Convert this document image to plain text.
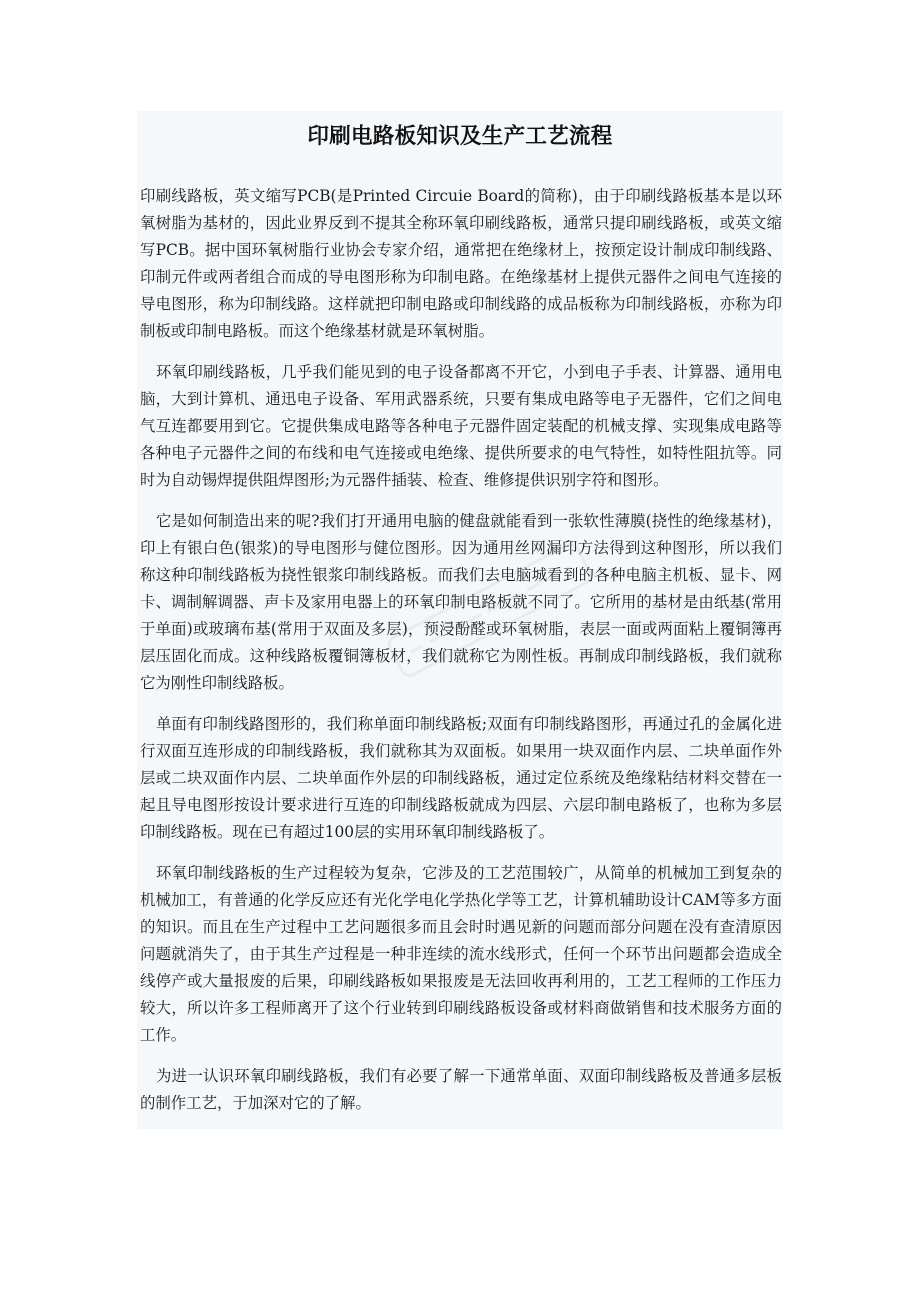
印刷电路板知识及生产工艺流程

印刷线路板，英文缩写PCB(是Printed Circuie Board的简称)，由于印刷线路板基本是以环氧树脂为基材的，因此业界反到不提其全称环氧印刷线路板，通常只提印刷线路板，或英文缩写PCB。据中国环氧树脂行业协会专家介绍，通常把在绝缘材上，按预定设计制成印制线路、印制元件或两者组合而成的导电图形称为印制电路。在绝缘基材上提供元器件之间电气连接的导电图形，称为印制线路。这样就把印制电路或印制线路的成品板称为印制线路板，亦称为印制板或印制电路板。而这个绝缘基材就是环氧树脂。

环氧印刷线路板，几乎我们能见到的电子设备都离不开它，小到电子手表、计算器、通用电脑，大到计算机、通迅电子设备、军用武器系统，只要有集成电路等电子无器件，它们之间电气互连都要用到它。它提供集成电路等各种电子元器件固定装配的机械支撑、实现集成电路等各种电子元器件之间的布线和电气连接或电绝缘、提供所要求的电气特性，如特性阻抗等。同时为自动锡焊提供阻焊图形;为元器件插装、检查、维修提供识别字符和图形。

它是如何制造出来的呢?我们打开通用电脑的健盘就能看到一张软性薄膜(挠性的绝缘基材)，印上有银白色(银浆)的导电图形与健位图形。因为通用丝网漏印方法得到这种图形，所以我们称这种印制线路板为挠性银浆印制线路板。而我们去电脑城看到的各种电脑主机板、显卡、网卡、调制解调器、声卡及家用电器上的环氧印制电路板就不同了。它所用的基材是由纸基(常用于单面)或玻璃布基(常用于双面及多层)，预浸酚醛或环氧树脂，表层一面或两面粘上覆铜簿再层压固化而成。这种线路板覆铜簿板材，我们就称它为刚性板。再制成印制线路板，我们就称它为刚性印制线路板。

单面有印制线路图形的，我们称单面印制线路板;双面有印制线路图形，再通过孔的金属化进行双面互连形成的印制线路板，我们就称其为双面板。如果用一块双面作内层、二块单面作外层或二块双面作内层、二块单面作外层的印制线路板，通过定位系统及绝缘粘结材料交替在一起且导电图形按设计要求进行互连的印制线路板就成为四层、六层印制电路板了，也称为多层印制线路板。现在已有超过100层的实用环氧印制线路板了。

环氧印制线路板的生产过程较为复杂，它涉及的工艺范围较广，从简单的机械加工到复杂的机械加工，有普通的化学反应还有光化学电化学热化学等工艺，计算机辅助设计CAM等多方面的知识。而且在生产过程中工艺问题很多而且会时时遇见新的问题而部分问题在没有查清原因问题就消失了，由于其生产过程是一种非连续的流水线形式，任何一个环节出问题都会造成全线停产或大量报废的后果，印刷线路板如果报废是无法回收再利用的，工艺工程师的工作压力较大，所以许多工程师离开了这个行业转到印刷线路板设备或材料商做销售和技术服务方面的工作。

为进一认识环氧印刷线路板，我们有必要了解一下通常单面、双面印制线路板及普通多层板的制作工艺，于加深对它的了解。
